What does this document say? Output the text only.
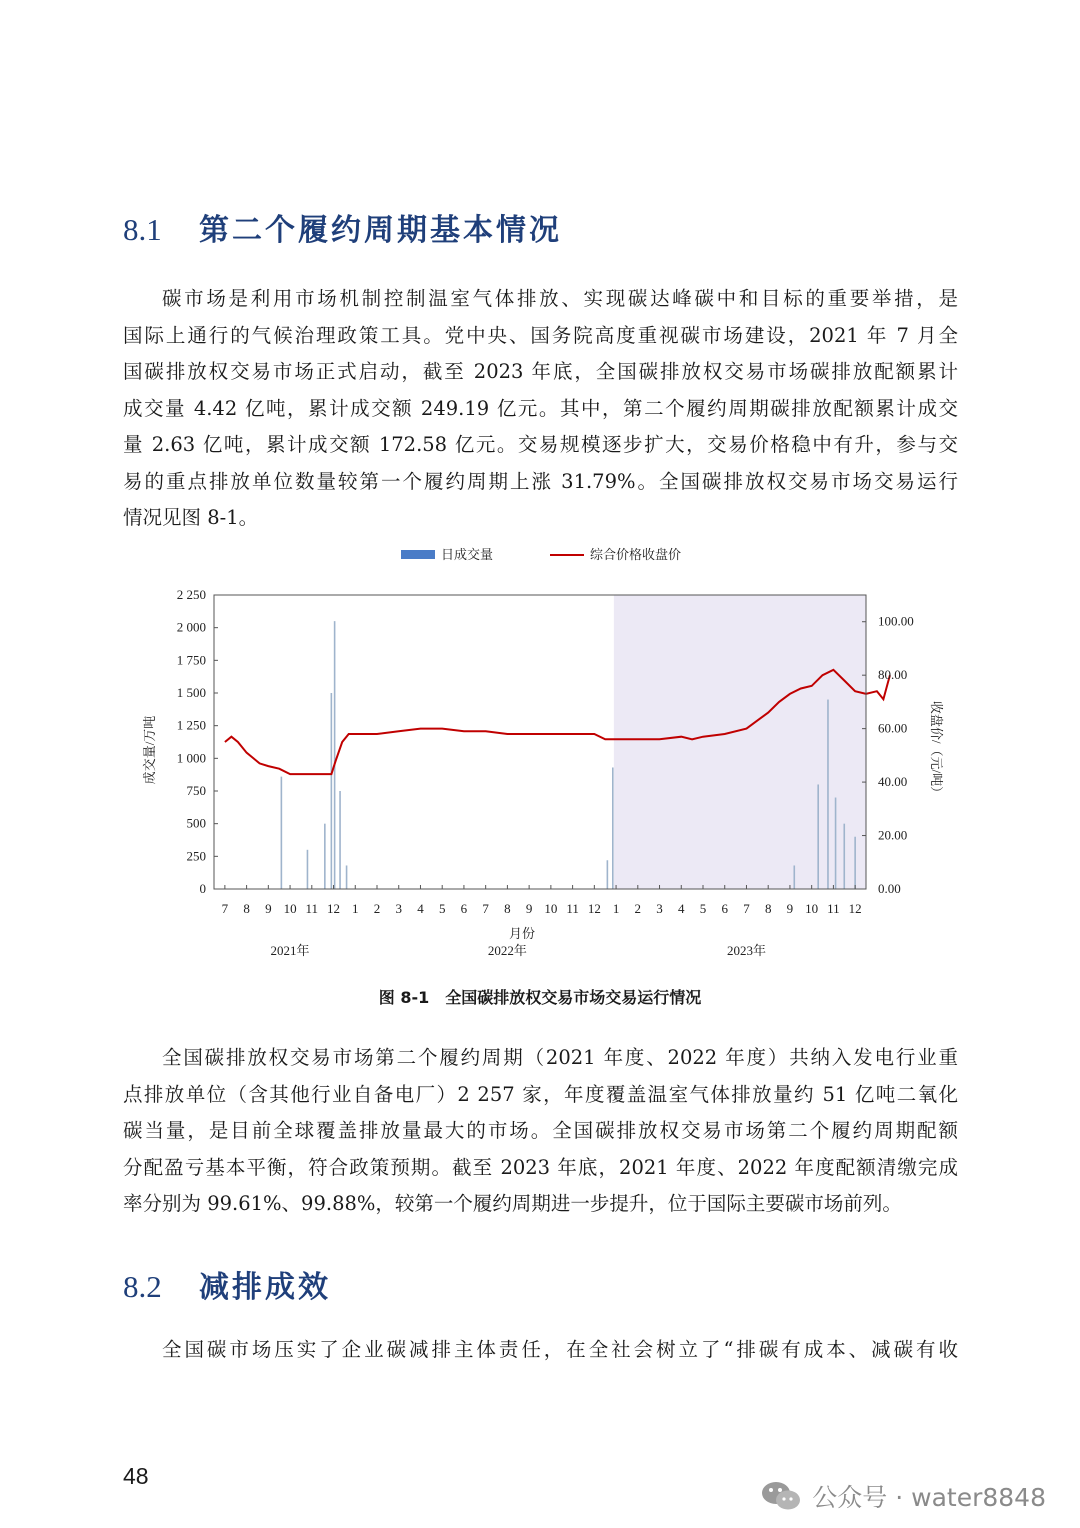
8.1	第二个履约周期基本情况
碳市场是利用市场机制控制温室气体排放、实现碳达峰碳中和目标的重要举措，是
国际上通行的气候治理政策工具。党中央、国务院高度重视碳市场建设，2021 年 7 月全
国碳排放权交易市场正式启动，截至 2023 年底，全国碳排放权交易市场碳排放配额累计
成交量 4.42 亿吨，累计成交额 249.19 亿元。其中，第二个履约周期碳排放配额累计成交
量 2.63 亿吨，累计成交额 172.58 亿元。交易规模逐步扩大，交易价格稳中有升，参与交
易的重点排放单位数量较第一个履约周期上涨 31.79%。全国碳排放权交易市场交易运行
情况见图 8-1。
日成交量	综合价格收盘价
0
250
500
750
1 000
1 250
1 500
1 750
2 000
2 250
0.00
20.00
40.00
60.00
80.00
100.00
7 8 9 10 11 12 1 2 3 4 5 6 7 8 9 10 11 12 1 2 3 4 5 6 7 8 9 10 11 12
2021年	2022年	2023年
成交量/万吨	收盘价/（元/吨）
月份
图 8-1　全国碳排放权交易市场交易运行情况
全国碳排放权交易市场第二个履约周期（2021 年度、2022 年度）共纳入发电行业重
点排放单位（含其他行业自备电厂）2 257 家，年度覆盖温室气体排放量约 51 亿吨二氧化
碳当量，是目前全球覆盖排放量最大的市场。全国碳排放权交易市场第二个履约周期配额
分配盈亏基本平衡，符合政策预期。截至 2023 年底，2021 年度、2022 年度配额清缴完成
率分别为 99.61%、99.88%，较第一个履约周期进一步提升，位于国际主要碳市场前列。
8.2	减排成效
全国碳市场压实了企业碳减排主体责任，在全社会树立了“排碳有成本、减碳有收
48
公众号 · water8848
